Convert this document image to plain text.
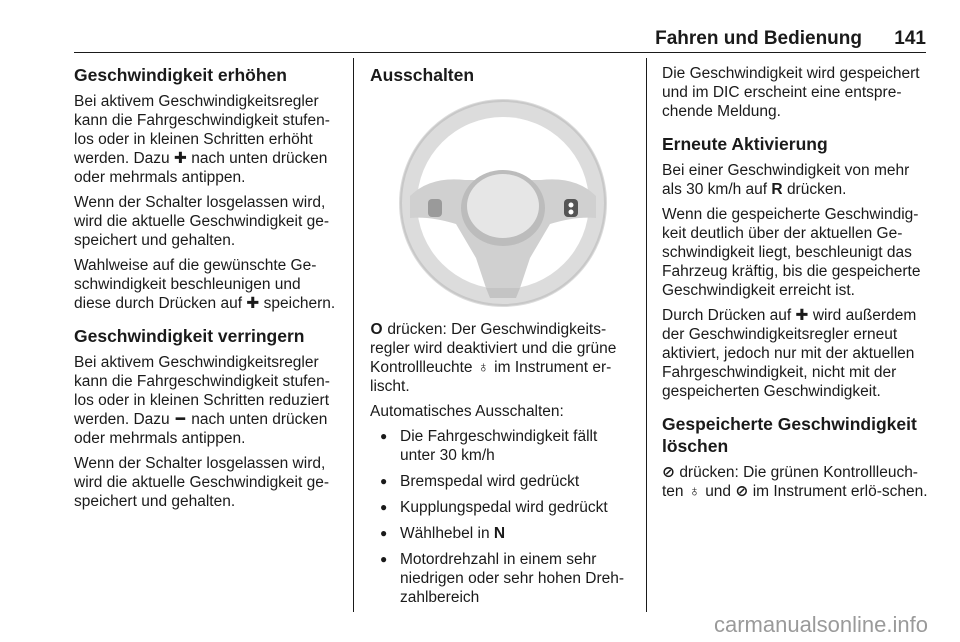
Fahren und Bedienung 141
Geschwindigkeit erhöhen

Bei aktivem Geschwindigkeitsregler kann die Fahrgeschwindigkeit stufen-los oder in kleinen Schritten erhöht werden. Dazu ✚ nach unten drücken oder mehrmals antippen.

Wenn der Schalter losgelassen wird, wird die aktuelle Geschwindigkeit ge-speichert und gehalten.

Wahlweise auf die gewünschte Ge-schwindigkeit beschleunigen und diese durch Drücken auf ✚ speichern.

Geschwindigkeit verringern

Bei aktivem Geschwindigkeitsregler kann die Fahrgeschwindigkeit stufen-los oder in kleinen Schritten reduziert werden. Dazu ━ nach unten drücken oder mehrmals antippen.

Wenn der Schalter losgelassen wird, wird die aktuelle Geschwindigkeit ge-speichert und gehalten.

Ausschalten

O drücken: Der Geschwindigkeits-regler wird deaktiviert und die grüne Kontrollleuchte ♁ im Instrument er-lischt.

Automatisches Ausschalten:

● Die Fahrgeschwindigkeit fällt unter 30 km/h
● Bremspedal wird gedrückt
● Kupplungspedal wird gedrückt
● Wählhebel in N
● Motordrehzahl in einem sehr niedrigen oder sehr hohen Dreh-zahlbereich

Die Geschwindigkeit wird gespeichert und im DIC erscheint eine entspre-chende Meldung.

Erneute Aktivierung

Bei einer Geschwindigkeit von mehr als 30 km/h auf R drücken.

Wenn die gespeicherte Geschwindig-keit deutlich über der aktuellen Ge-schwindigkeit liegt, beschleunigt das Fahrzeug kräftig, bis die gespeicherte Geschwindigkeit erreicht ist.

Durch Drücken auf ✚ wird außerdem der Geschwindigkeitsregler erneut aktiviert, jedoch nur mit der aktuellen Fahrgeschwindigkeit, nicht mit der gespeicherten Geschwindigkeit.

Gespeicherte Geschwindigkeit löschen

⊘ drücken: Die grünen Kontrollleuch-ten ♁ und ⊘ im Instrument erlö-schen.

carmanualsonline.info
